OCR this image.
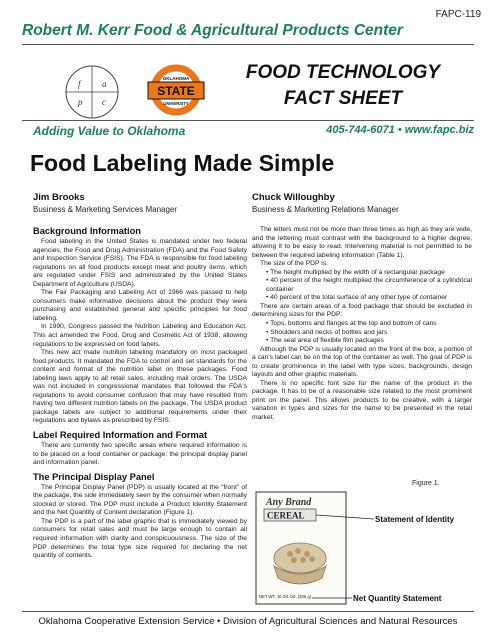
FAPC-119
Robert M. Kerr Food & Agricultural Products Center
f a
p c
OKLAHOMA
STATE
UNIVERSITY
FOOD TECHNOLOGY
FACT SHEET
Adding Value to Oklahoma	405-744-6071 • www.fapc.biz
Food Labeling Made Simple
Jim Brooks
Business & Marketing Services Manager
Chuck Willoughby
Business & Marketing Relations Manager
Background Information

Food labeling in the United States is mandated under two federal agencies, the Food and Drug Administration (FDA) and the Food Safety and Inspection Service (FSIS). The FDA is responsible for food labeling regulations on all food products except meat and poultry items, which are regulated under FSIS and administrated by the United States Department of Agriculture (USDA).

The Fair Packaging and Labeling Act of 1966 was passed to help consumers make informative decisions about the product they were purchasing and established general and specific principles for food labeling.

In 1990, Congress passed the Nutrition Labeling and Education Act. This act amended the Food, Drug and Cosmetic Act of 1938, allowing regulations to be expressed on food labels.

This new act made nutrition labeling mandatory on most packaged food products. It mandated the FDA to control and set standards for the content and format of the nutrition label on these packages. Food labeling laws apply to all retail sales, including mail orders. The USDA was not included in congressional mandates that followed the FDA's regulations to avoid consumer confusion that may have resulted from having two different nutrition labels on the package. The USDA product package labels are subject to additional requirements under their regulations and bylaws as prescribed by FSIS.

Label Required Information and Format

There are currently two specific areas where required information is to be placed on a food container or package: the principal display panel and information panel.

The Principal Display Panel

The Principal Display Panel (PDP) is usually located at the “front” of the package, the side immediately seen by the consumer when normally stocked or stored. The PDP must include a Product Identity Statement and the Net Quantity of Content declaration (Figure 1).

The PDP is a part of the label graphic that is immediately viewed by consumers for retail sales and must be large enough to contain all required information with clarity and conspicuousness. The size of the PDP determines the total type size required for declaring the net quantity of contents.

The letters must not be more than three times as high as they are wide, and the lettering must contrast with the background to a higher degree, allowing it to be easy to read. Intervening material is not permitted to be between the required labeling information (Table 1).

The size of the PDP is:

• The height multiplied by the width of a rectangular package

• 40 percent of the height multiplied the circumference of a cylindrical container

• 40 percent of the total surface of any other type of container

There are certain areas of a food package that should be excluded in determining sizes for the PDP:

• Tops, bottoms and flanges at the top and bottom of cans

• Shoulders and necks of bottles and jars

• The seal area of flexible film packages

Although the PDP is usually located on the front of the box, a portion of a can's label can be on the top of the container as well. The goal of PDP is to create prominence in the label with type sizes, backgrounds, design layouts and other graphic materials.

There is no specific font size for the name of the product in the package. It has to be of a reasonable size related to the most prominent print on the panel. This allows products to be creative, with a larger variation in types and sizes for the name to be presented in the retail market.

Figure 1.
Any Brand
CEREAL
NET WT. 10 3/4 OZ. (305 g)
Statement of Identity
Net Quantity Statement
Oklahoma Cooperative Extension Service • Division of Agricultural Sciences and Natural Resources
